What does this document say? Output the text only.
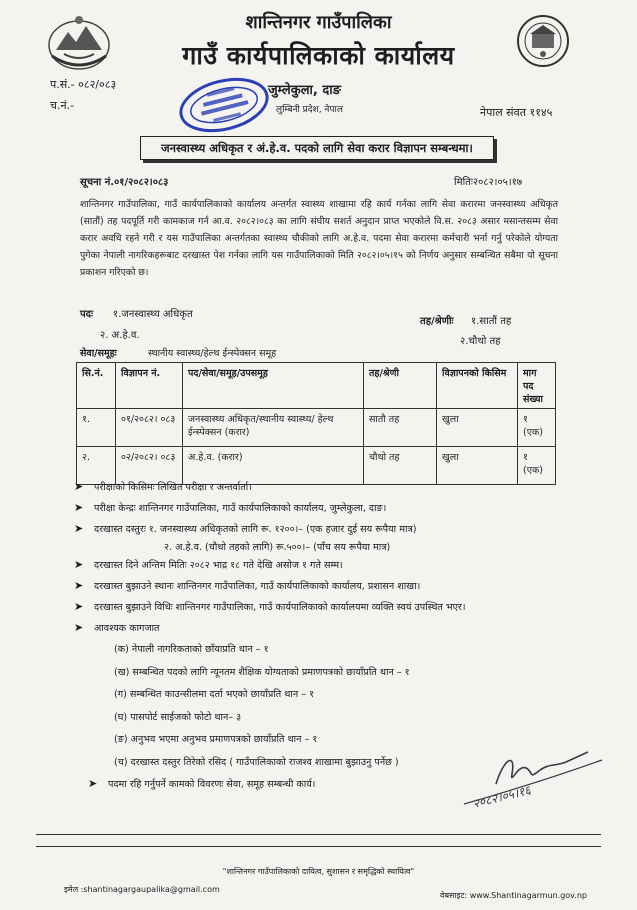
शान्तिनगर गाउँपालिका
गाउँ कार्यपालिकाको कार्यालय
जुम्लेकुला, दाङ
लुम्बिनी प्रदेश, नेपाल
प.सं.- ०८२/०८३
च.नं.-
नेपाल संवत ११४५
जनस्वास्थ्य अधिकृत र अं.हे.व. पदको लागि सेवा करार विज्ञापन सम्बन्धमा।
सूचना नं.०१/२०८२।०८३	मितिः२०८२।०५।१७
शान्तिनगर गाउँपालिका, गाउँ कार्यपालिकाको कार्यालय अन्तर्गत स्वास्थ्य शाखामा रहि कार्य गर्नका लागि सेवा करारमा जनस्वास्थ्य अधिकृत (सातौं) तह पदपूर्ति गरी कामकाज गर्न आ.व. २०८२।०८३ का लागि संघीय सशर्त अनुदान प्राप्त भएकोले वि.स. २०८३ असार मसान्तसम्म सेवा करार अवधि रहने गरी र यस गाउँपालिका अन्तर्गतका स्वास्थ्य चौकीको लागि अ.हे.व. पदमा सेवा करारमा कर्मचारी भर्ना गर्नु परेकोले योग्यता पुगेका नेपाली नागरिकहरूबाट दरखास्त पेश गर्नका लागि यस गाउँपालिकाको मिति २०८२।०५।१५ को निर्णय अनुसार सम्बन्धित सबैमा यो सूचना प्रकाशन गरिएको छ।
पदः १.जनस्वास्थ्य अधिकृत
२. अ.हे.व.
तह/श्रेणीः १.सातौं तह
२.चौथो तह
सेवा/समूहः	स्थानीय स्वास्थ्य/हेल्थ ईन्स्पेक्सन समूह
सि.नं.	विज्ञापन नं.	पद/सेवा/समूह/उपसमूह	तह/श्रेणी	विज्ञापनको किसिम	माग पद संख्या
१.	०१/२०८२। ०८३	जनस्वास्थ्य अधिकृत/स्थानीय स्वास्थ्य/ हेल्थ ईन्स्पेक्सन (करार)	सातौ तह	खुला	१ (एक)
२.	०२/२०८२। ०८३	अ.हे.व. (करार)	चौथो तह	खुला	१ (एक)
➤	परीक्षाको किसिमः लिखित परीक्षा र अन्तर्वार्ता।
➤	परीक्षा केन्द्रः शान्तिनगर गाउँपालिका, गाउँ कार्यपालिकाको कार्यालय, जुम्लेकुला, दाङ।
➤	दरखास्त दस्तुरः १. जनस्वास्थ्य अधिकृतको लागि रू. १२००।– (एक हजार दुई सय रूपैया मात्र)
२. अ.हे.व. (चौथो तहको लागि) रू.५००।– (पाँच सय रूपैया मात्र)
➤	दरखास्त दिने अन्तिम मितिः २०८२ भाद्र १८ गते देखि असोज १ गते सम्म।
➤	दरखास्त बुझाउने स्थानः शान्तिनगर गाउँपालिका, गाउँ कार्यपालिकाको कार्यालय, प्रशासन शाखा।
➤	दरखास्त बुझाउने विधिः शान्तिनगर गाउँपालिका, गाउँ कार्यपालिकाको कार्यालयमा व्यक्ति स्वयं उपस्थित भएर।
➤	आवश्यक कागजात
(क) नेपाली नागरिकताको छाँयाप्रति थान – १
(ख) सम्बन्धित पदको लागि न्यूनतम शैक्षिक योग्यताको प्रमाणपत्रको छायाँप्रति थान – १
(ग) सम्बन्धित काउन्सीलमा दर्ता भएको छायाँप्रति थान – १
(घ) पासपोर्ट साईजको फोटो थान– ३
(ङ) अनुभव भएमा अनुभव प्रमाणपत्रको छायाँप्रति थान – १
(च) दरखास्त दस्तुर तिरेको रसिद ( गाउँपालिकाको राजश्व शाखामा बुझाउनु पर्नेछ )
➤	पदमा रहि गर्नुपर्ने कामको विवरणः सेवा, समूह सम्बन्धी कार्य।	२०८२।०५।१६
"शान्तिनगर गाउँपालिकाको दायित्व, सुशासन र समृद्धिको स्थायित्व"
इमेल :shantinagargaupalika@gmail.com
वेबसाइट: www.Shantinagarmun.gov.np
